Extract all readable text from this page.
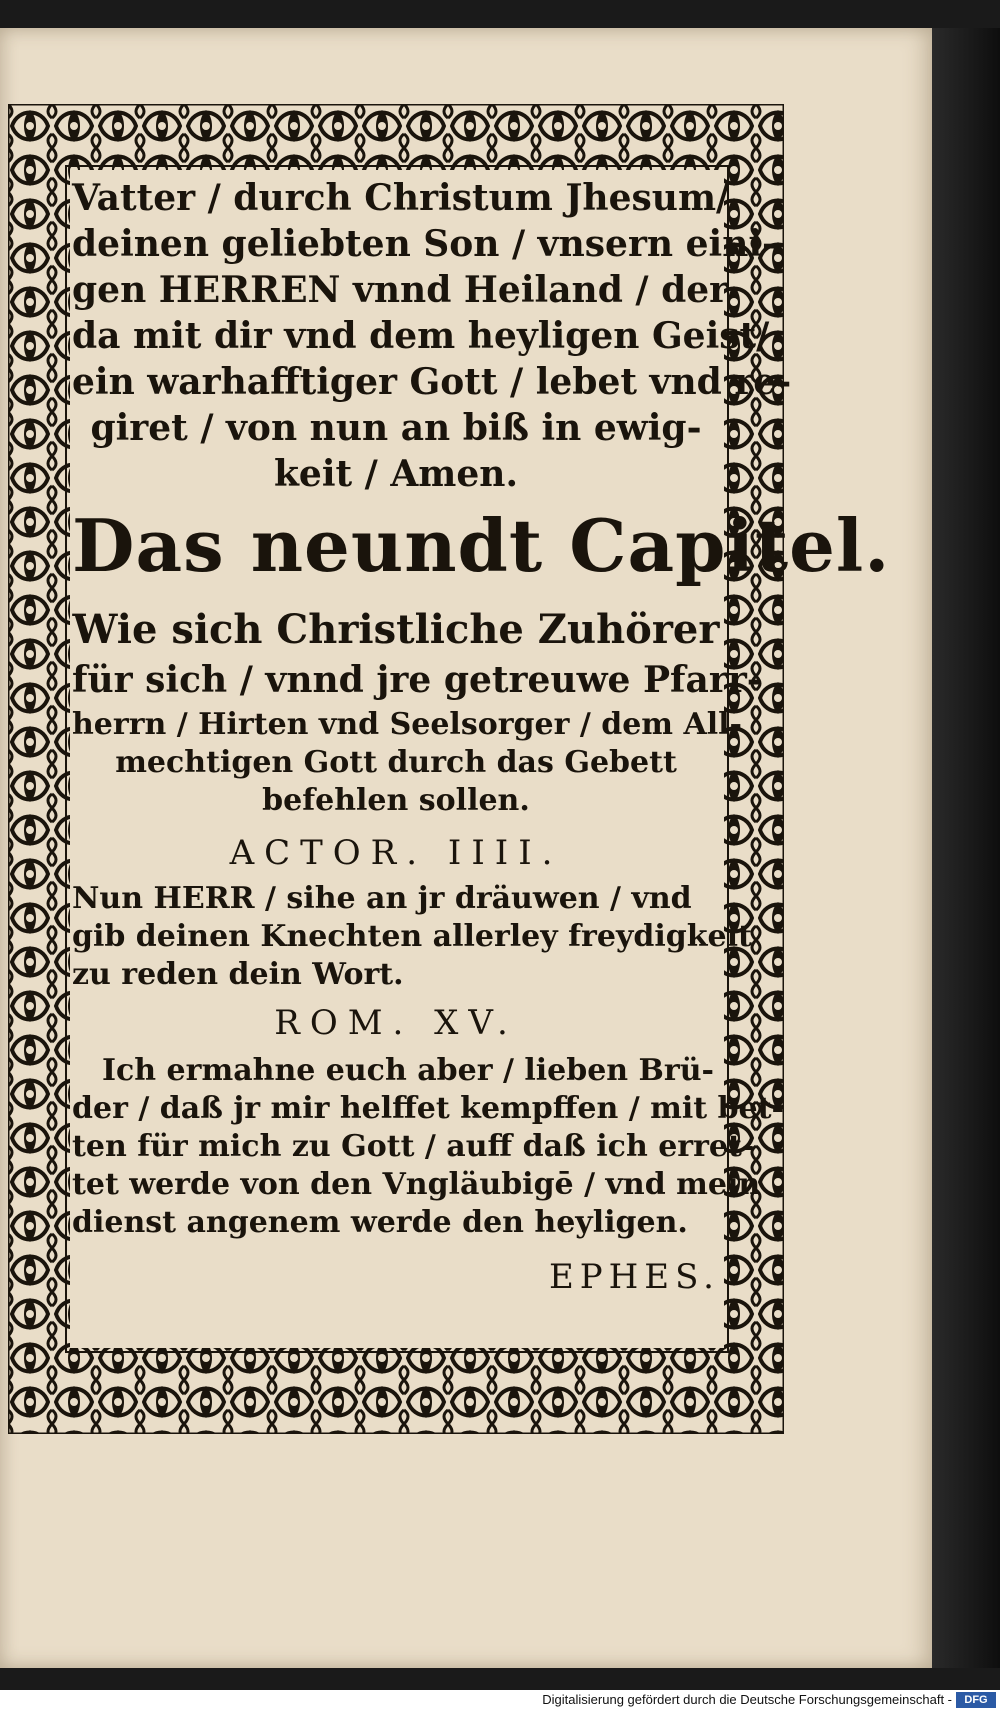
Vatter / durch Christum Jhesum/
deinen geliebten Son / vnsern eini-
gen HERREN vnnd Heiland / der
da mit dir vnd dem heyligen Geist/
ein warhafftiger Gott / lebet vnd re-
giret / von nun an biß in ewig-
keit / Amen.
Das neundt Capitel.
Wie sich Christliche Zuhörer
für sich / vnnd jre getreuwe Pfarr-
herrn / Hirten vnd Seelsorger / dem All-
mechtigen Gott durch das Gebett
befehlen sollen.
ACTOR. IIII.
Nun HERR / sihe an jr dräuwen / vnd
gib deinen Knechten allerley freydigkeit
zu reden dein Wort.
ROM. XV.
Ich ermahne euch aber / lieben Brü-
der / daß jr mir helffet kempffen / mit bet-
ten für mich zu Gott / auff daß ich erret-
tet werde von den Vngläubigē / vnd mein
dienst angenem werde den heyligen.
EPHES.
Digitalisierung gefördert durch die Deutsche Forschungsgemeinschaft -	DFG
